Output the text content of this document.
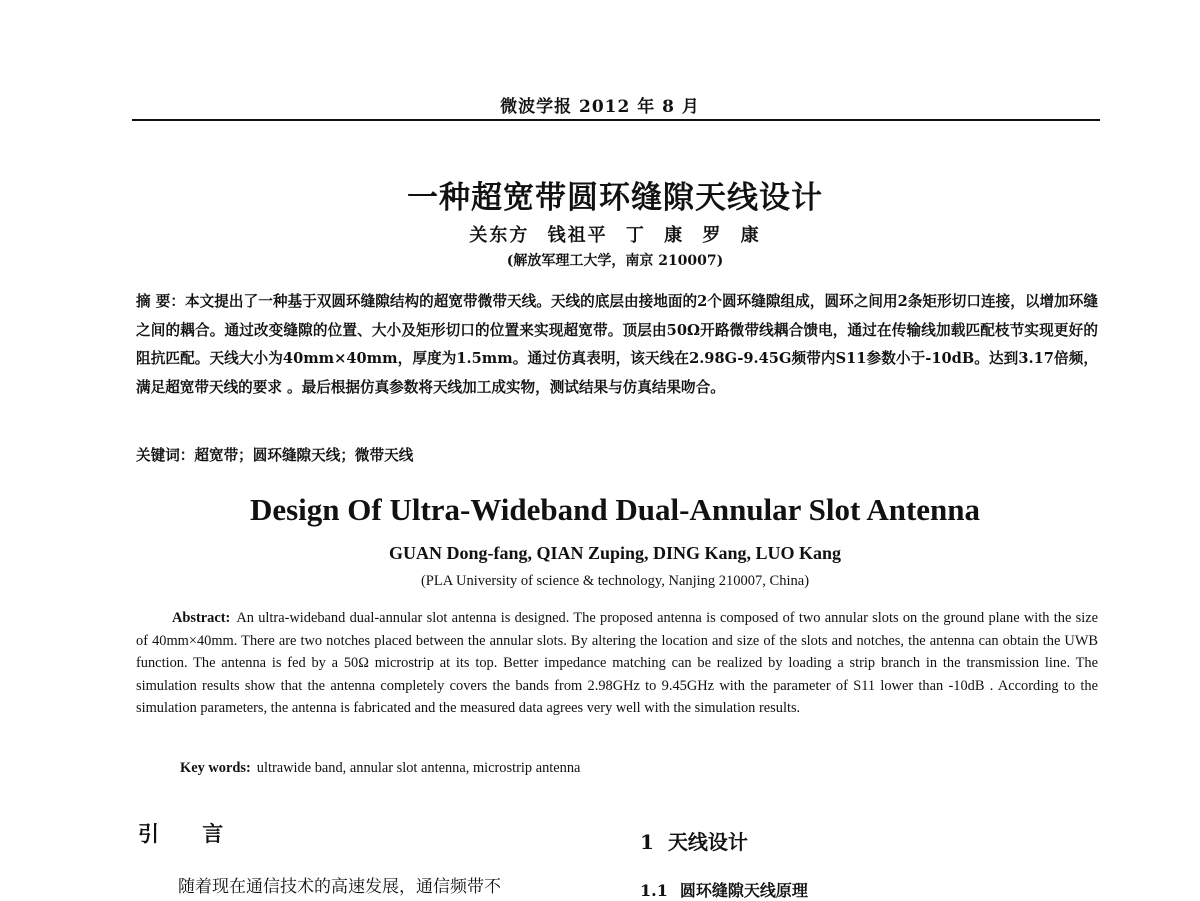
微波学报 2012 年 8 月
一种超宽带圆环缝隙天线设计
关东方 钱祖平 丁 康 罗 康
(解放军理工大学，南京 210007)
摘 要：本文提出了一种基于双圆环缝隙结构的超宽带微带天线。天线的底层由接地面的2个圆环缝隙组成，圆环之间用2条矩形切口连接，以增加环缝之间的耦合。通过改变缝隙的位置、大小及矩形切口的位置来实现超宽带。顶层由50Ω开路微带线耦合馈电，通过在传输线加载匹配枝节实现更好的阻抗匹配。天线大小为40mm×40mm，厚度为1.5mm。通过仿真表明，该天线在2.98G-9.45G频带内S11参数小于-10dB。达到3.17倍频，满足超宽带天线的要求 。最后根据仿真参数将天线加工成实物，测试结果与仿真结果吻合。
关键词：超宽带；圆环缝隙天线；微带天线
Design Of Ultra-Wideband Dual-Annular Slot Antenna
GUAN Dong-fang, QIAN Zuping, DING Kang, LUO Kang
(PLA University of science & technology, Nanjing 210007, China)
Abstract: An ultra-wideband dual-annular slot antenna is designed. The proposed antenna is composed of two annular slots on the ground plane with the size of 40mm×40mm. There are two notches placed between the annular slots. By altering the location and size of the slots and notches, the antenna can obtain the UWB function. The antenna is fed by a 50Ω microstrip at its top. Better impedance matching can be realized by loading a strip branch in the transmission line. The simulation results show that the antenna completely covers the bands from 2.98GHz to 9.45GHz with the parameter of S11 lower than -10dB . According to the simulation parameters, the antenna is fabricated and the measured data agrees very well with the simulation results.
Key words: ultrawide band, annular slot antenna, microstrip antenna
引 言
随着现在通信技术的高速发展，通信频带不
1 天线设计
1.1 圆环缝隙天线原理
